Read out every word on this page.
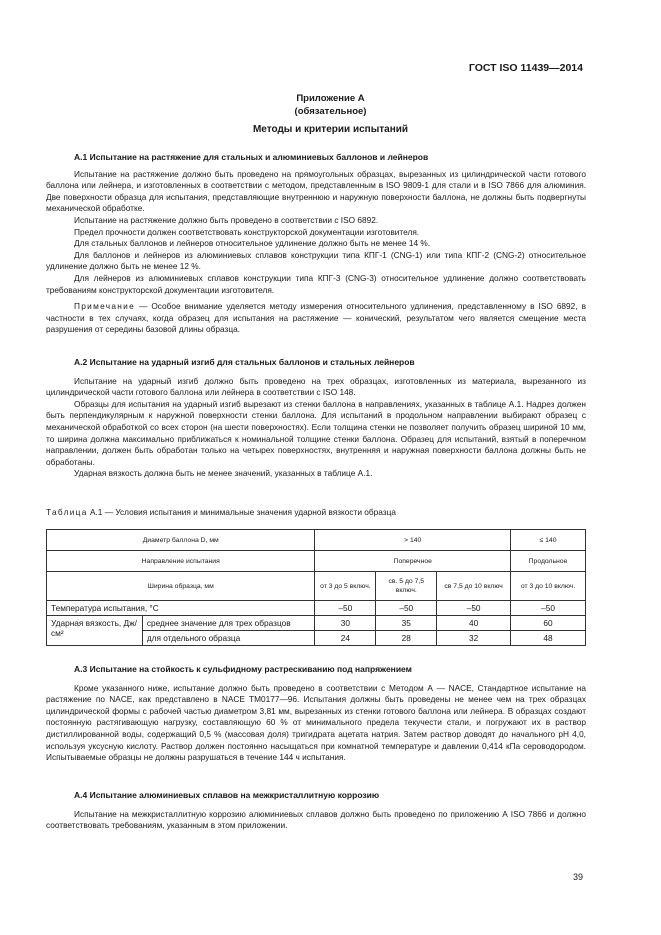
ГОСТ ISO 11439—2014
Приложение А
(обязательное)
Методы и критерии испытаний

А.1 Испытание на растяжение для стальных и алюминиевых баллонов и лейнеров

Испытание на растяжение должно быть проведено на прямоугольных образцах, вырезанных из цилиндрической части готового баллона или лейнера, и изготовленных в соответствии с методом, представленным в ISO 9809-1 для стали и в ISO 7866 для алюминия. Две поверхности образца для испытания, представляющие внутреннюю и наружную поверхности баллона, не должны быть подвергнуты механической обработке.

Испытание на растяжение должно быть проведено в соответствии с ISO 6892.

Предел прочности должен соответствовать конструкторской документации изготовителя.

Для стальных баллонов и лейнеров относительное удлинение должно быть не менее 14 %.

Для баллонов и лейнеров из алюминиевых сплавов конструкции типа КПГ-1 (CNG-1) или типа КПГ-2 (CNG-2) относительное удлинение должно быть не менее 12 %.

Для лейнеров из алюминиевых сплавов конструкции типа КПГ-3 (CNG-3) относительное удлинение должно соответствовать требованиям конструкторской документации изготовителя.

Примечание — Особое внимание уделяется методу измерения относительного удлинения, представленному в ISO 6892, в частности в тех случаях, когда образец для испытания на растяжение — конический, результатом чего является смещение места разрушения от середины базовой длины образца.

А.2 Испытание на ударный изгиб для стальных баллонов и стальных лейнеров

Испытание на ударный изгиб должно быть проведено на трех образцах, изготовленных из материала, вырезанного из цилиндрической части готового баллона или лейнера в соответствии с ISO 148.

Образцы для испытания на ударный изгиб вырезают из стенки баллона в направлениях, указанных в таблице А.1. Надрез должен быть перпендикулярным к наружной поверхности стенки баллона. Для испытаний в продольном направлении выбирают образец с механической обработкой со всех сторон (на шести поверхностях). Если толщина стенки не позволяет получить образец шириной 10 мм, то ширина должна максимально приближаться к номинальной толщине стенки баллона. Образец для испытаний, взятый в поперечном направлении, должен быть обработан только на четырех поверхностях, внутренняя и наружная поверхности баллона должны быть не обработаны.

Ударная вязкость должна быть не менее значений, указанных в таблице А.1.

Таблица А.1 — Условия испытания и минимальные значения ударной вязкости образца

Диаметр баллона D, мм		> 140			≤ 140
Направление испытания		Поперечное			Продольное
Ширина образца, мм		от 3 до 5 включ.	св. 5 до 7,5 включ.	св 7,5 до 10 включ	от 3 до 10 включ.
Температура испытания, °С		–50	–50	–50	–50
Ударная вязкость, Дж/см²	среднее значение для трех образцов	30	35	40	60
	для отдельного образца	24	28	32	48

А.3 Испытание на стойкость к сульфидному растрескиванию под напряжением

Кроме указанного ниже, испытание должно быть проведено в соответствии с Методом А — NACE, Стандартное испытание на растяжение по NACE, как представлено в NACE TM0177—96. Испытания должны быть проведены не менее чем на трех образцах цилиндрической формы с рабочей частью диаметром 3,81 мм, вырезанных из стенки готового баллона или лейнера. В образцах создают постоянную растягивающую нагрузку, составляющую 60 % от минимального предела текучести стали, и погружают их в раствор дистиллированной воды, содержащий 0,5 % (массовая доля) тригидрата ацетата натрия. Затем раствор доводят до начального pH 4,0, используя уксусную кислоту. Раствор должен постоянно насыщаться при комнатной температуре и давлении 0,414 кПа сероводородом. Испытываемые образцы не должны разрушаться в течение 144 ч испытания.

А.4 Испытание алюминиевых сплавов на межкристаллитную коррозию

Испытание на межкристаллитную коррозию алюминиевых сплавов должно быть проведено по приложению А ISO 7866 и должно соответствовать требованиям, указанным в этом приложении.

39
